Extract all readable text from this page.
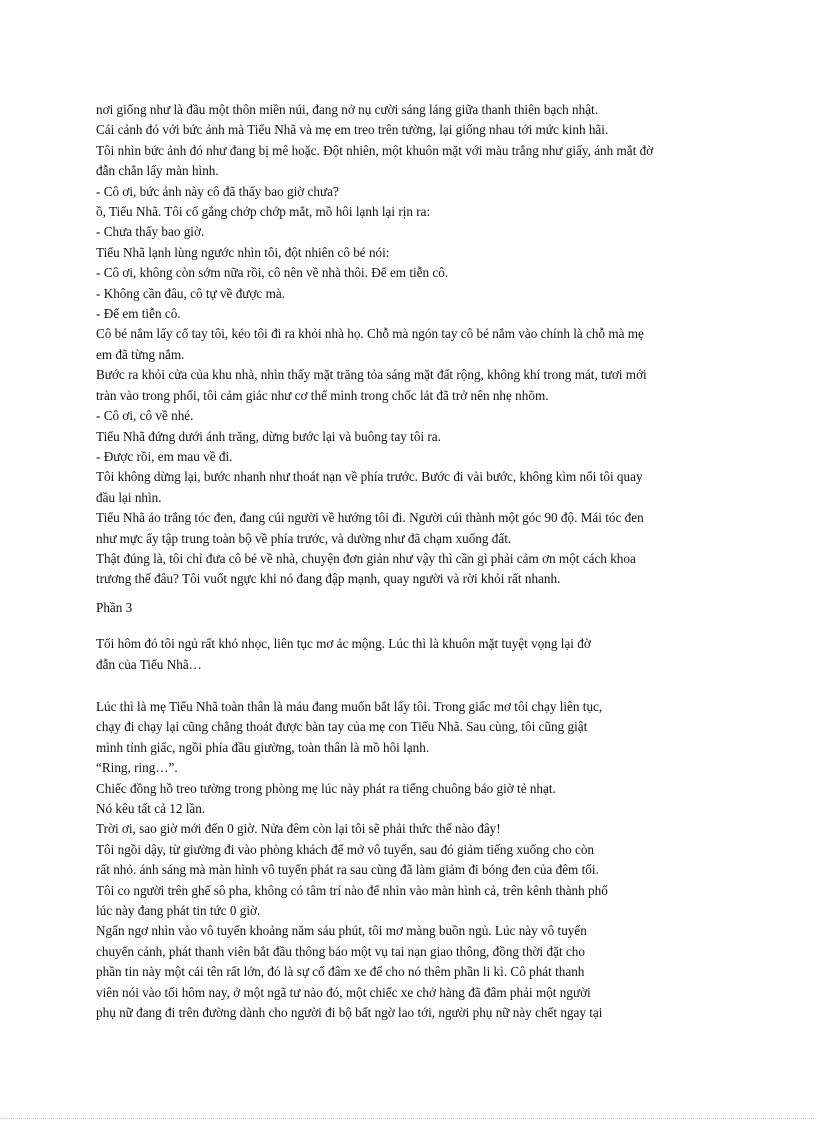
nơi giống như là đầu một thôn miền núi, đang nở nụ cười sáng láng giữa thanh thiên bạch nhật.
Cái cảnh đó với bức ảnh mà Tiểu Nhã và mẹ em treo trên tường, lại giống nhau tới mức kinh hãi.
Tôi nhìn bức ảnh đó như đang bị mê hoặc. Đột nhiên, một khuôn mặt với màu trắng như giấy, ánh mắt đờ
đẫn chắn lấy màn hình.
- Cô ơi, bức ảnh này cô đã thấy bao giờ chưa?
ồ, Tiểu Nhã. Tôi cố gắng chớp chớp mắt, mồ hôi lạnh lại rịn ra:
- Chưa thấy bao giờ.
Tiểu Nhã lạnh lùng ngước nhìn tôi, đột nhiên cô bé nói:
- Cô ơi, không còn sớm nữa rồi, cô nên về nhà thôi. Để em tiễn cô.
- Không cần đâu, cô tự về được mà.
- Để em tiễn cô.
Cô bé nắm lấy cổ tay tôi, kéo tôi đi ra khỏi nhà họ. Chỗ mà ngón tay cô bé nắm vào chính là chỗ mà mẹ
em đã từng nắm.
Bước ra khỏi cửa của khu nhà, nhìn thấy mặt trăng tỏa sáng mặt đất rộng, không khí trong mát, tươi mới
tràn vào trong phổi, tôi cảm giác như cơ thể mình trong chốc lát đã trở nên nhẹ nhõm.
- Cô ơi, cô về nhé.
Tiểu Nhã đứng dưới ánh trăng, dừng bước lại và buông tay tôi ra.
- Được rồi, em mau về đi.
Tôi không dừng lại, bước nhanh như thoát nạn về phía trước. Bước đi vài bước, không kìm nổi tôi quay
đầu lại nhìn.
Tiểu Nhã áo trắng tóc đen, đang cúi người về hướng tôi đi. Người cúi thành một góc 90 độ. Mái tóc đen
như mực ấy tập trung toàn bộ về phía trước, và dường như đã chạm xuống đất.
Thật đúng là, tôi chỉ đưa cô bé về nhà, chuyện đơn giản như vậy thì cần gì phải cảm ơn một cách khoa
trương thế đâu? Tôi vuốt ngực khi nó đang đập mạnh, quay người và rời khỏi rất nhanh.
Phần 3
Tối hôm đó tôi ngủ rất khó nhọc, liên tục mơ ác mộng. Lúc thì là khuôn mặt tuyệt vọng lại đờ
đẫn của Tiểu Nhã…
Lúc thì là mẹ Tiểu Nhã toàn thân là máu đang muốn bắt lấy tôi. Trong giấc mơ tôi chạy liên tục,
chạy đi chạy lại cũng chẳng thoát được bàn tay của mẹ con Tiểu Nhã. Sau cùng, tôi cũng giật
mình tỉnh giấc, ngồi phía đầu giường, toàn thân là mồ hôi lạnh.
“Ring, ring…”.
Chiếc đồng hồ treo tường trong phòng mẹ lúc này phát ra tiếng chuông báo giờ tẻ nhạt.
Nó kêu tất cả 12 lần.
Trời ơi, sao giờ mới đến 0 giờ. Nửa đêm còn lại tôi sẽ phải thức thế nào đây!
Tôi ngồi dậy, từ giường đi vào phòng khách để mở vô tuyến, sau đó giảm tiếng xuống cho còn
rất nhỏ. ánh sáng mà màn hình vô tuyến phát ra sau cùng đã làm giảm đi bóng đen của đêm tối.
Tôi co người trên ghế sô pha, không có tâm trí nào để nhìn vào màn hình cả, trên kênh thành phố
lúc này đang phát tin tức 0 giờ.
Ngẩn ngơ nhìn vào vô tuyến khoảng năm sáu phút, tôi mơ màng buồn ngủ. Lúc này vô tuyến
chuyển cảnh, phát thanh viên bắt đầu thông báo một vụ tai nạn giao thông, đồng thời đặt cho
phần tin này một cái tên rất lớn, đó là sự cố đâm xe để cho nó thêm phần li kì. Cô phát thanh
viên nói vào tối hôm nay, ở một ngã tư nào đó, một chiếc xe chở hàng đã đâm phải một người
phụ nữ đang đi trên đường dành cho người đi bộ bất ngờ lao tới, người phụ nữ này chết ngay tại
